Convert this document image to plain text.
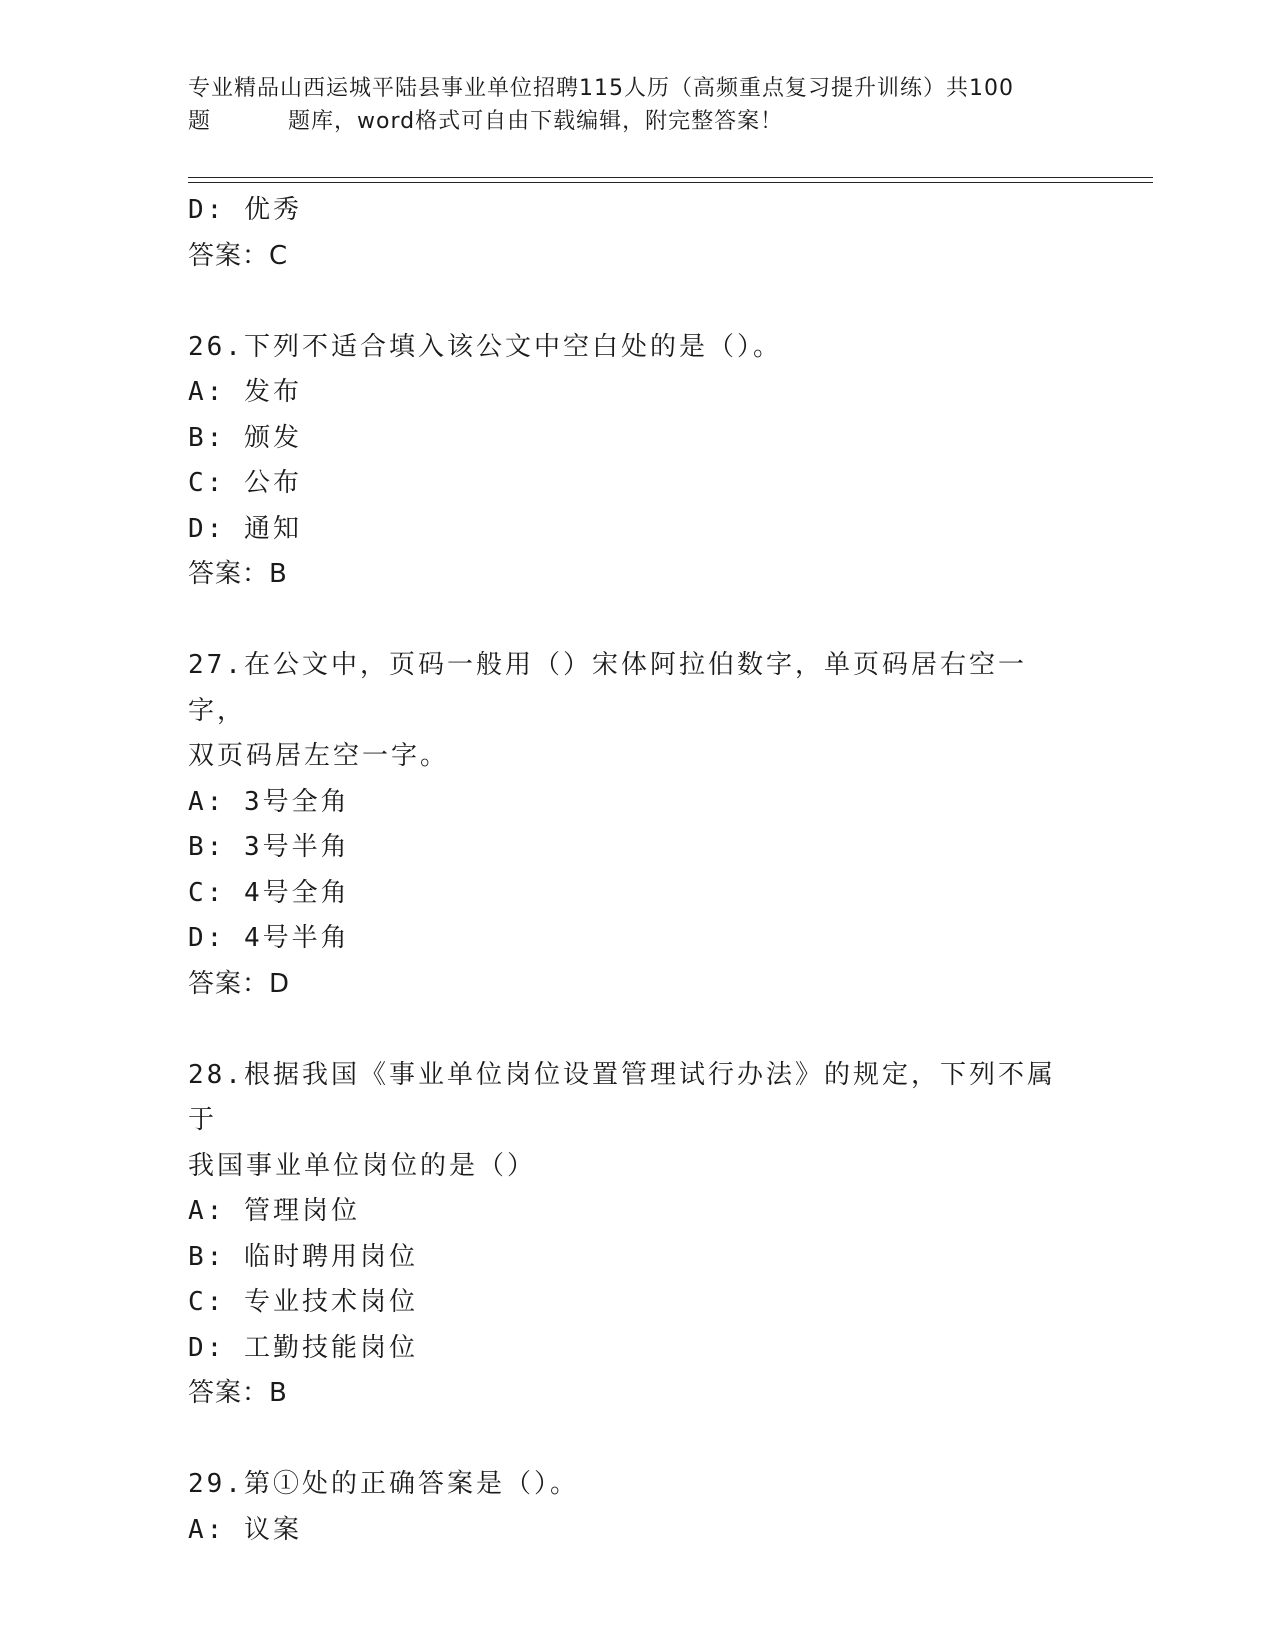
专业精品山西运城平陆县事业单位招聘115人历（高频重点复习提升训练）共100
题	题库，word格式可自由下载编辑，附完整答案！
D: 优秀
答案：C
26.下列不适合填入该公文中空白处的是（）。
A: 发布
B: 颁发
C: 公布
D: 通知
答案：B
27.在公文中，页码一般用（）宋体阿拉伯数字，单页码居右空一字，
双页码居左空一字。
A: 3号全角
B: 3号半角
C: 4号全角
D: 4号半角
答案：D
28.根据我国《事业单位岗位设置管理试行办法》的规定，下列不属于
我国事业单位岗位的是（）
A: 管理岗位
B: 临时聘用岗位
C: 专业技术岗位
D: 工勤技能岗位
答案：B
29.第①处的正确答案是（）。
A: 议案
